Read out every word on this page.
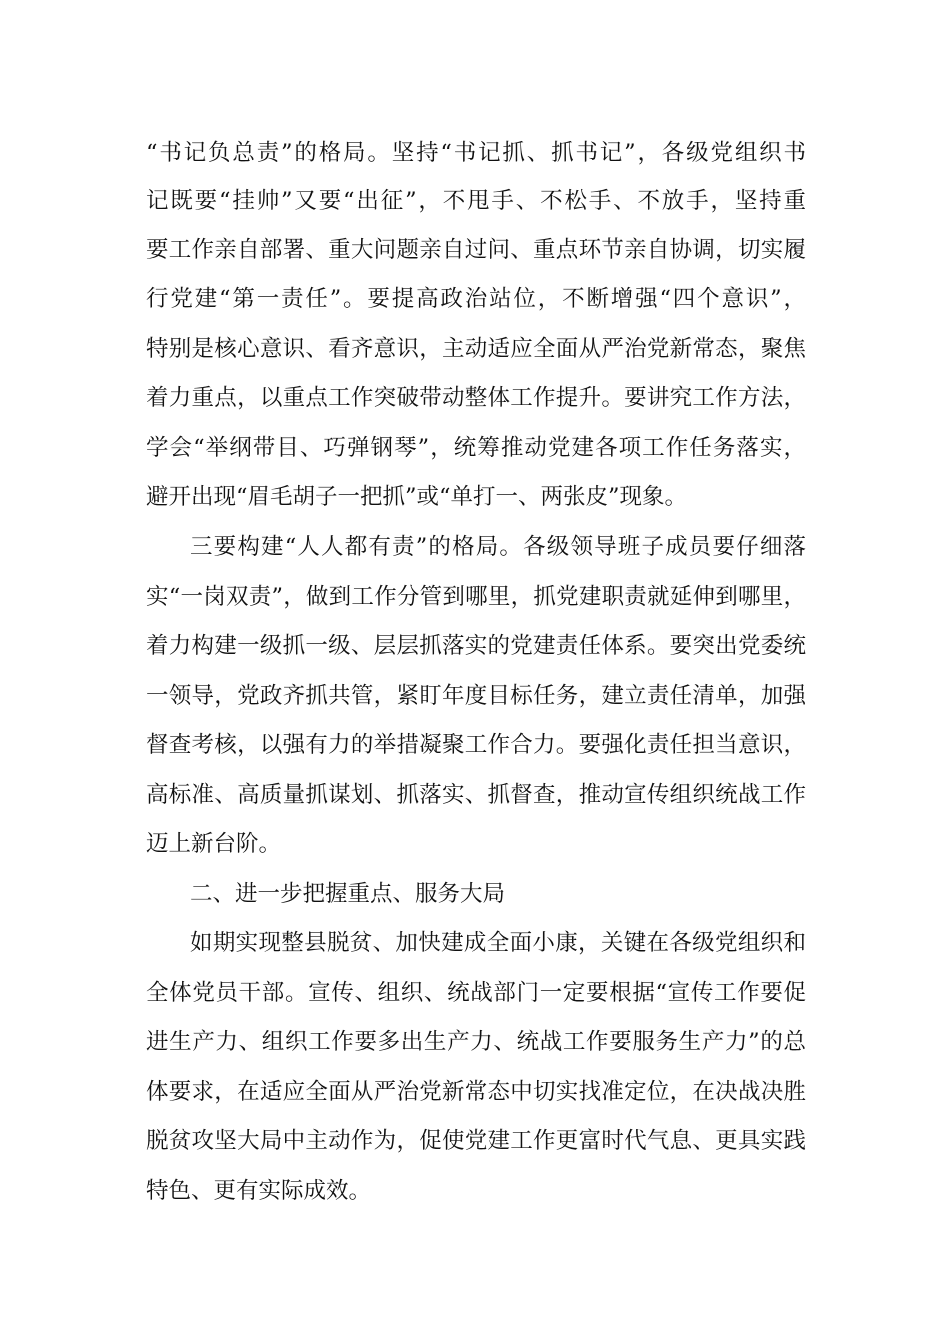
“书记负总责”的格局。坚持“书记抓、抓书记”，各级党组织书
记既要“挂帅”又要“出征”，不甩手、不松手、不放手，坚持重
要工作亲自部署、重大问题亲自过问、重点环节亲自协调，切实履
行党建“第一责任”。要提高政治站位，不断增强“四个意识”，
特别是核心意识、看齐意识，主动适应全面从严治党新常态，聚焦
着力重点，以重点工作突破带动整体工作提升。要讲究工作方法，
学会“举纲带目、巧弹钢琴”，统筹推动党建各项工作任务落实，
避开出现“眉毛胡子一把抓”或“单打一、两张皮”现象。
三要构建“人人都有责”的格局。各级领导班子成员要仔细落
实“一岗双责”，做到工作分管到哪里，抓党建职责就延伸到哪里，
着力构建一级抓一级、层层抓落实的党建责任体系。要突出党委统
一领导，党政齐抓共管，紧盯年度目标任务，建立责任清单，加强
督查考核，以强有力的举措凝聚工作合力。要强化责任担当意识，
高标准、高质量抓谋划、抓落实、抓督查，推动宣传组织统战工作
迈上新台阶。
二、进一步把握重点、服务大局
如期实现整县脱贫、加快建成全面小康，关键在各级党组织和
全体党员干部。宣传、组织、统战部门一定要根据“宣传工作要促
进生产力、组织工作要多出生产力、统战工作要服务生产力”的总
体要求，在适应全面从严治党新常态中切实找准定位，在决战决胜
脱贫攻坚大局中主动作为，促使党建工作更富时代气息、更具实践
特色、更有实际成效。
